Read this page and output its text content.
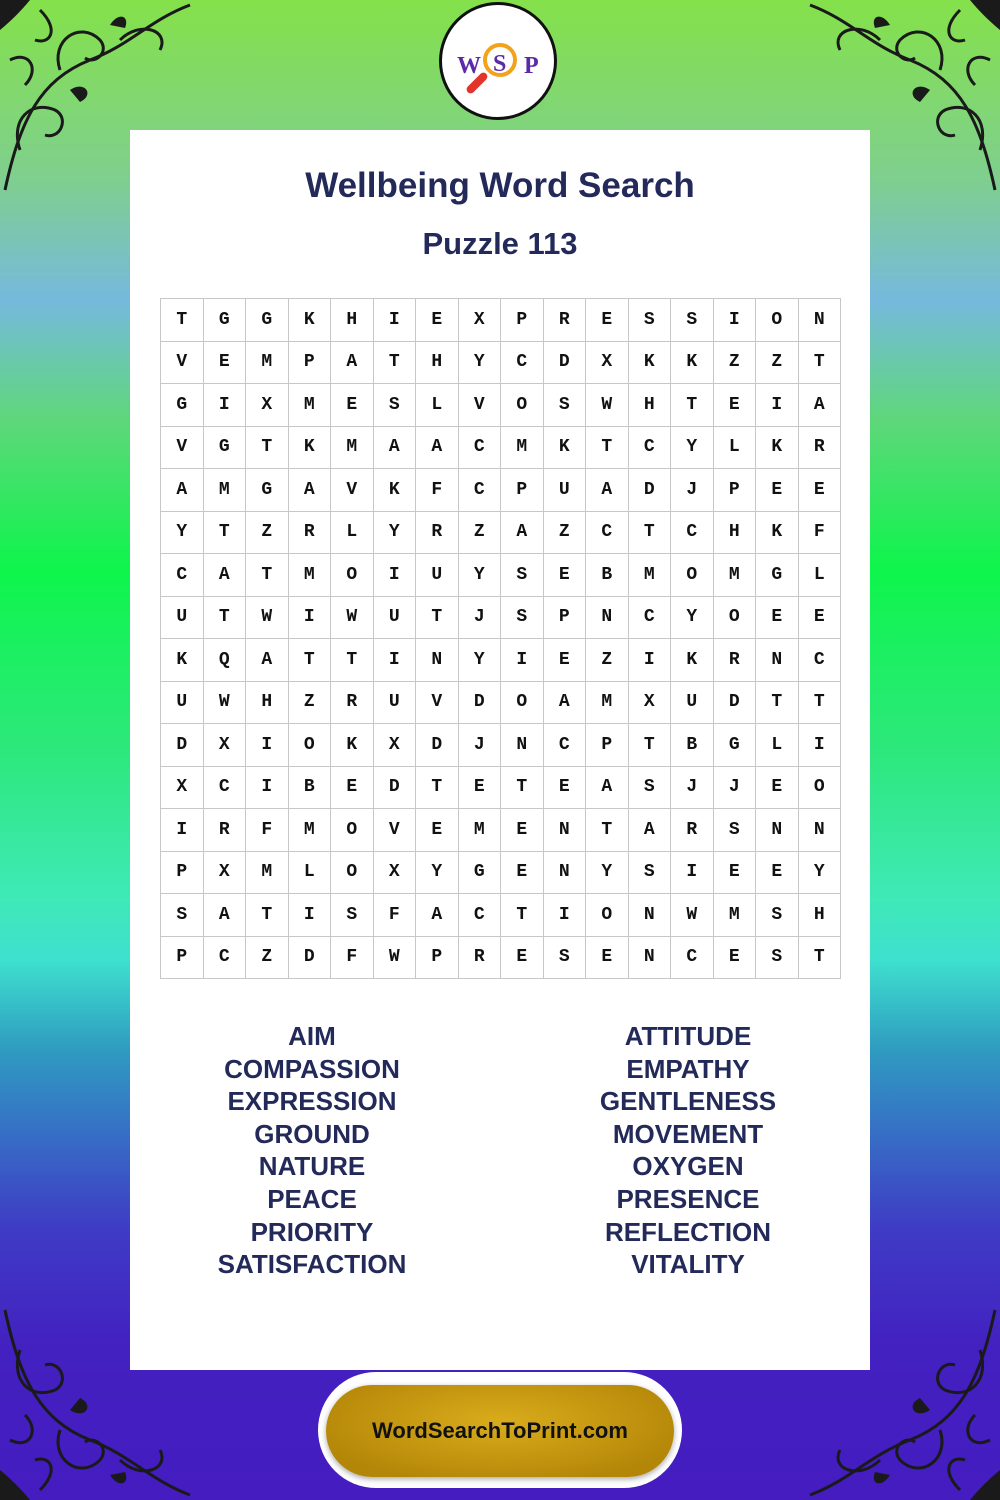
W S P
Wellbeing Word Search
Puzzle 113
T	G	G	K	H	I	E	X	P	R	E	S	S	I	O	N
V	E	M	P	A	T	H	Y	C	D	X	K	K	Z	Z	T
G	I	X	M	E	S	L	V	O	S	W	H	T	E	I	A
V	G	T	K	M	A	A	C	M	K	T	C	Y	L	K	R
A	M	G	A	V	K	F	C	P	U	A	D	J	P	E	E
Y	T	Z	R	L	Y	R	Z	A	Z	C	T	C	H	K	F
C	A	T	M	O	I	U	Y	S	E	B	M	O	M	G	L
U	T	W	I	W	U	T	J	S	P	N	C	Y	O	E	E
K	Q	A	T	T	I	N	Y	I	E	Z	I	K	R	N	C
U	W	H	Z	R	U	V	D	O	A	M	X	U	D	T	T
D	X	I	O	K	X	D	J	N	C	P	T	B	G	L	I
X	C	I	B	E	D	T	E	T	E	A	S	J	J	E	O
I	R	F	M	O	V	E	M	E	N	T	A	R	S	N	N
P	X	M	L	O	X	Y	G	E	N	Y	S	I	E	E	Y
S	A	T	I	S	F	A	C	T	I	O	N	W	M	S	H
P	C	Z	D	F	W	P	R	E	S	E	N	C	E	S	T
AIM
COMPASSION
EXPRESSION
GROUND
NATURE
PEACE
PRIORITY
SATISFACTION
ATTITUDE
EMPATHY
GENTLENESS
MOVEMENT
OXYGEN
PRESENCE
REFLECTION
VITALITY
WordSearchToPrint.com
